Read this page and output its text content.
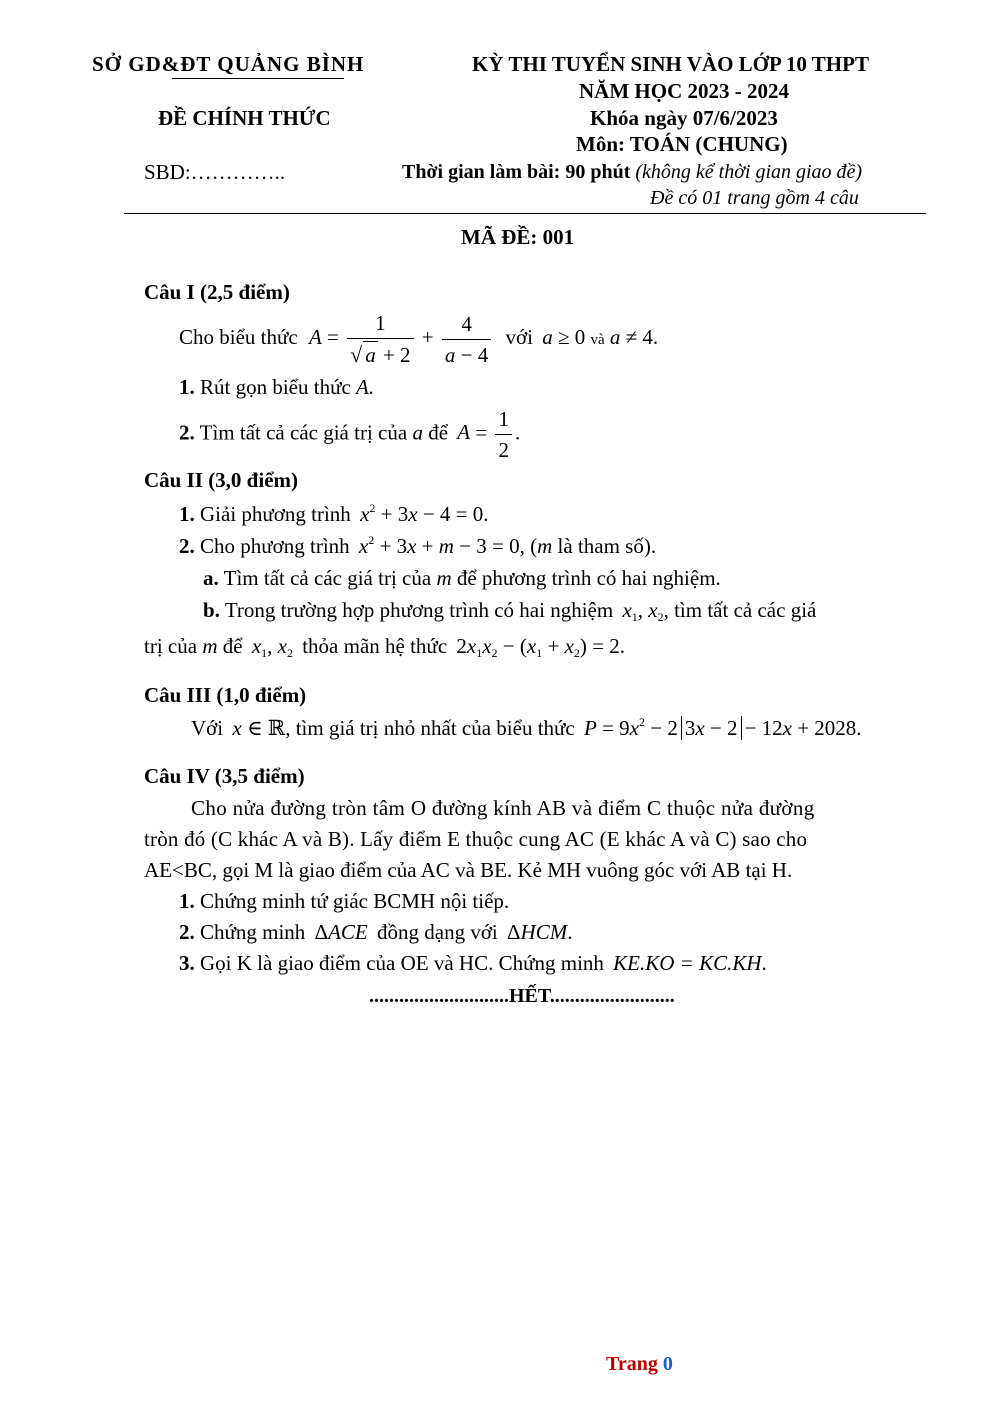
SỞ GD&ĐT QUẢNG BÌNH	KỲ THI TUYỂN SINH VÀO LỚP 10 THPT
NĂM HỌC 2023 - 2024
ĐỀ CHÍNH THỨC	Khóa ngày 07/6/2023
Môn: TOÁN (CHUNG)
SBD:…………..	Thời gian làm bài: 90 phút (không kể thời gian giao đề)
Đề có 01 trang gồm 4 câu
MÃ ĐỀ: 001
Câu I (2,5 điểm)
Cho biểu thức $A = \frac{1}{√ a + 2} + \frac{4}{a - 4}$ với a ≥ 0 và a ≠ 4.
1. Rút gọn biểu thức A.
2. Tìm tất cả các giá trị của a để $A = \frac{1}{2}$ .
Câu II (3,0 điểm)
1. Giải phương trình $x^2 + 3x - 4 = 0$.
2. Cho phương trình $x^2 + 3x + m - 3 = 0$, (m là tham số).
a. Tìm tất cả các giá trị của m để phương trình có hai nghiệm.
b. Trong trường hợp phương trình có hai nghiệm $x_1$, $x_2$, tìm tất cả các giá
trị của m để $x_1$, $x_2$ thỏa mãn hệ thức $2x_1x_2 - (x_1 + x_2) = 2$.
Câu III (1,0 điểm)
Với x ∈ ℝ, tìm giá trị nhỏ nhất của biểu thức $P = 9x^2 - 2$ 3x − 2 − 12x + 2028.
Câu IV (3,5 điểm)
Cho nửa đường tròn tâm O đường kính AB và điểm C thuộc nửa đường
tròn đó (C khác A và B). Lấy điểm E thuộc cung AC (E khác A và C) sao cho
AE<BC, gọi M là giao điểm của AC và BE. Kẻ MH vuông góc với AB tại H.
1. Chứng minh tứ giác BCMH nội tiếp.
2. Chứng minh ΔACE đồng dạng với ΔHCM.
3. Gọi K là giao điểm của OE và HC. Chứng minh KE.KO = KC.KH.
............................HẾT.........................
Trang 0
